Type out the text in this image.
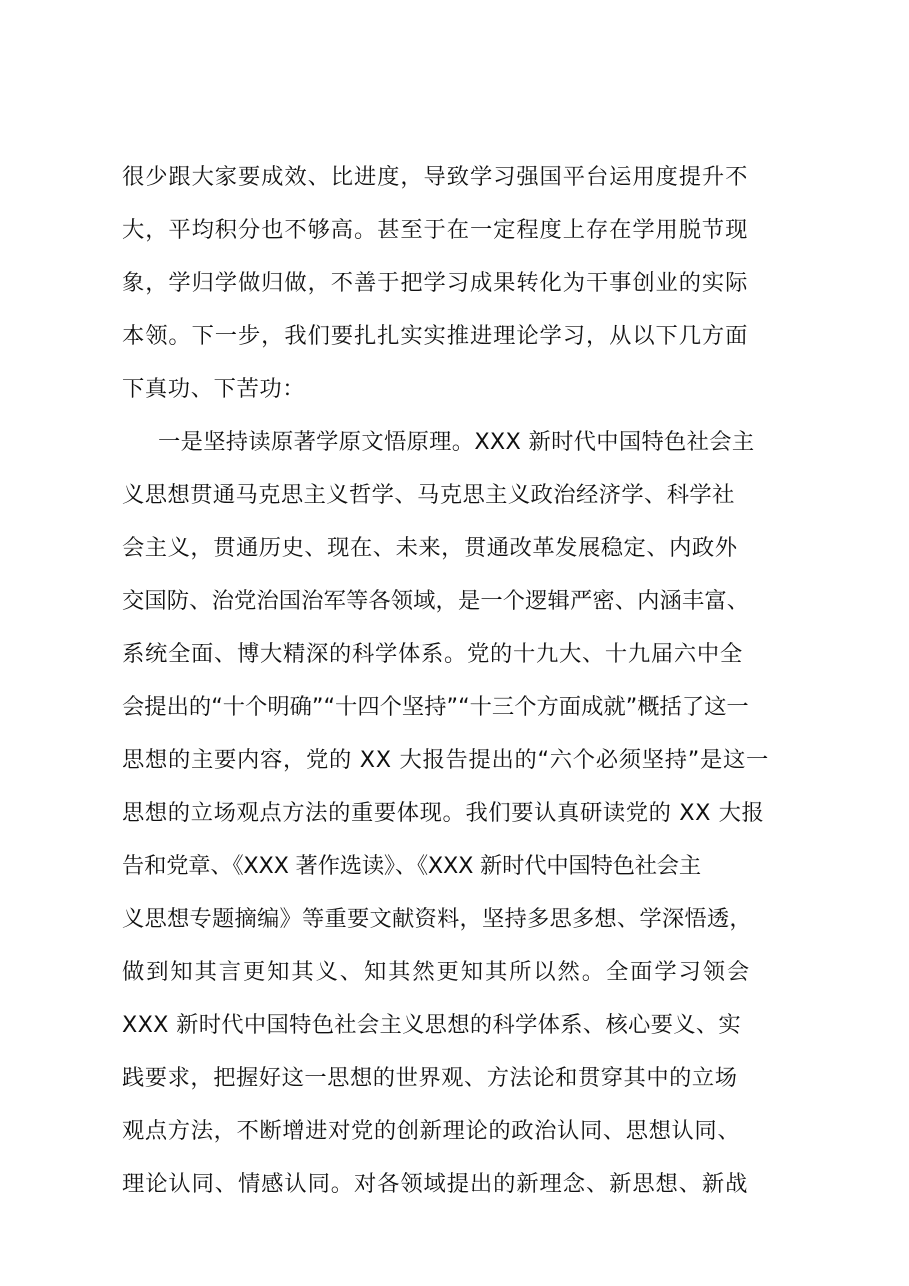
很少跟大家要成效、比进度，导致学习强国平台运用度提升不
大，平均积分也不够高。甚至于在一定程度上存在学用脱节现
象，学归学做归做，不善于把学习成果转化为干事创业的实际
本领。下一步，我们要扎扎实实推进理论学习，从以下几方面
下真功、下苦功：
一是坚持读原著学原文悟原理。XXX 新时代中国特色社会主
义思想贯通马克思主义哲学、马克思主义政治经济学、科学社
会主义，贯通历史、现在、未来，贯通改革发展稳定、内政外
交国防、治党治国治军等各领域，是一个逻辑严密、内涵丰富、
系统全面、博大精深的科学体系。党的十九大、十九届六中全
会提出的“十个明确”“十四个坚持”“十三个方面成就”概括了这一
思想的主要内容，党的 XX 大报告提出的“六个必须坚持”是这一
思想的立场观点方法的重要体现。我们要认真研读党的 XX 大报
告和党章、《XXX 著作选读》、《XXX 新时代中国特色社会主
义思想专题摘编》等重要文献资料，坚持多思多想、学深悟透，
做到知其言更知其义、知其然更知其所以然。全面学习领会
XXX 新时代中国特色社会主义思想的科学体系、核心要义、实
践要求，把握好这一思想的世界观、方法论和贯穿其中的立场
观点方法，不断增进对党的创新理论的政治认同、思想认同、
理论认同、情感认同。对各领域提出的新理念、新思想、新战
